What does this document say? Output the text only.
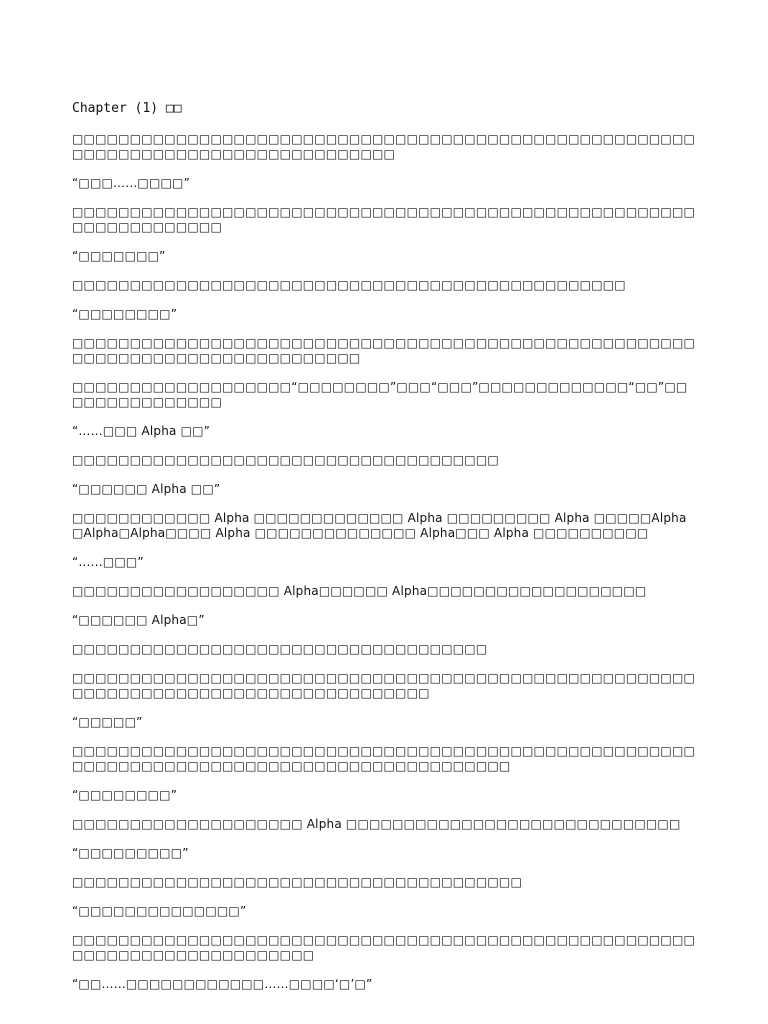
Chapter (1) □□

□□□□□□□□□□□□□□□□□□□□□□□□□□□□□□□□□□□□□□□□□□□□□□□□□□□□□□□□□□□□□□□□□□□□□□□□□□□□□□□□□□

“□□□……□□□□”

□□□□□□□□□□□□□□□□□□□□□□□□□□□□□□□□□□□□□□□□□□□□□□□□□□□□□□□□□□□□□□□□□□□

“□□□□□□□”

□□□□□□□□□□□□□□□□□□□□□□□□□□□□□□□□□□□□□□□□□□□□□□□□

“□□□□□□□□”

□□□□□□□□□□□□□□□□□□□□□□□□□□□□□□□□□□□□□□□□□□□□□□□□□□□□□□□□□□□□□□□□□□□□□□□□□□□□□□□

□□□□□□□□□□□□□□□□□□□“□□□□□□□□”□□□“□□□”□□□□□□□□□□□□□“□□”□□□□□□□□□□□□□□□

“……□□□ Alpha □□”

□□□□□□□□□□□□□□□□□□□□□□□□□□□□□□□□□□□□□

“□□□□□□ Alpha □□”

□□□□□□□□□□□□ Alpha □□□□□□□□□□□□□ Alpha □□□□□□□□□ Alpha □□□□□Alpha□Alpha□Alpha□□□□ Alpha □□□□□□□□□□□□□□ Alpha□□□ Alpha □□□□□□□□□□

“……□□□”

□□□□□□□□□□□□□□□□□□ Alpha□□□□□□ Alpha□□□□□□□□□□□□□□□□□□□

“□□□□□□ Alpha□”

□□□□□□□□□□□□□□□□□□□□□□□□□□□□□□□□□□□□

□□□□□□□□□□□□□□□□□□□□□□□□□□□□□□□□□□□□□□□□□□□□□□□□□□□□□□□□□□□□□□□□□□□□□□□□□□□□□□□□□□□□□

“□□□□□”

□□□□□□□□□□□□□□□□□□□□□□□□□□□□□□□□□□□□□□□□□□□□□□□□□□□□□□□□□□□□□□□□□□□□□□□□□□□□□□□□□□□□□□□□□□□□

“□□□□□□□□”

□□□□□□□□□□□□□□□□□□□□ Alpha □□□□□□□□□□□□□□□□□□□□□□□□□□□□□

“□□□□□□□□□”

□□□□□□□□□□□□□□□□□□□□□□□□□□□□□□□□□□□□□□□

“□□□□□□□□□□□□□□”

□□□□□□□□□□□□□□□□□□□□□□□□□□□□□□□□□□□□□□□□□□□□□□□□□□□□□□□□□□□□□□□□□□□□□□□□□□□

“□□……□□□□□□□□□□□□……□□□□‘□’□”
